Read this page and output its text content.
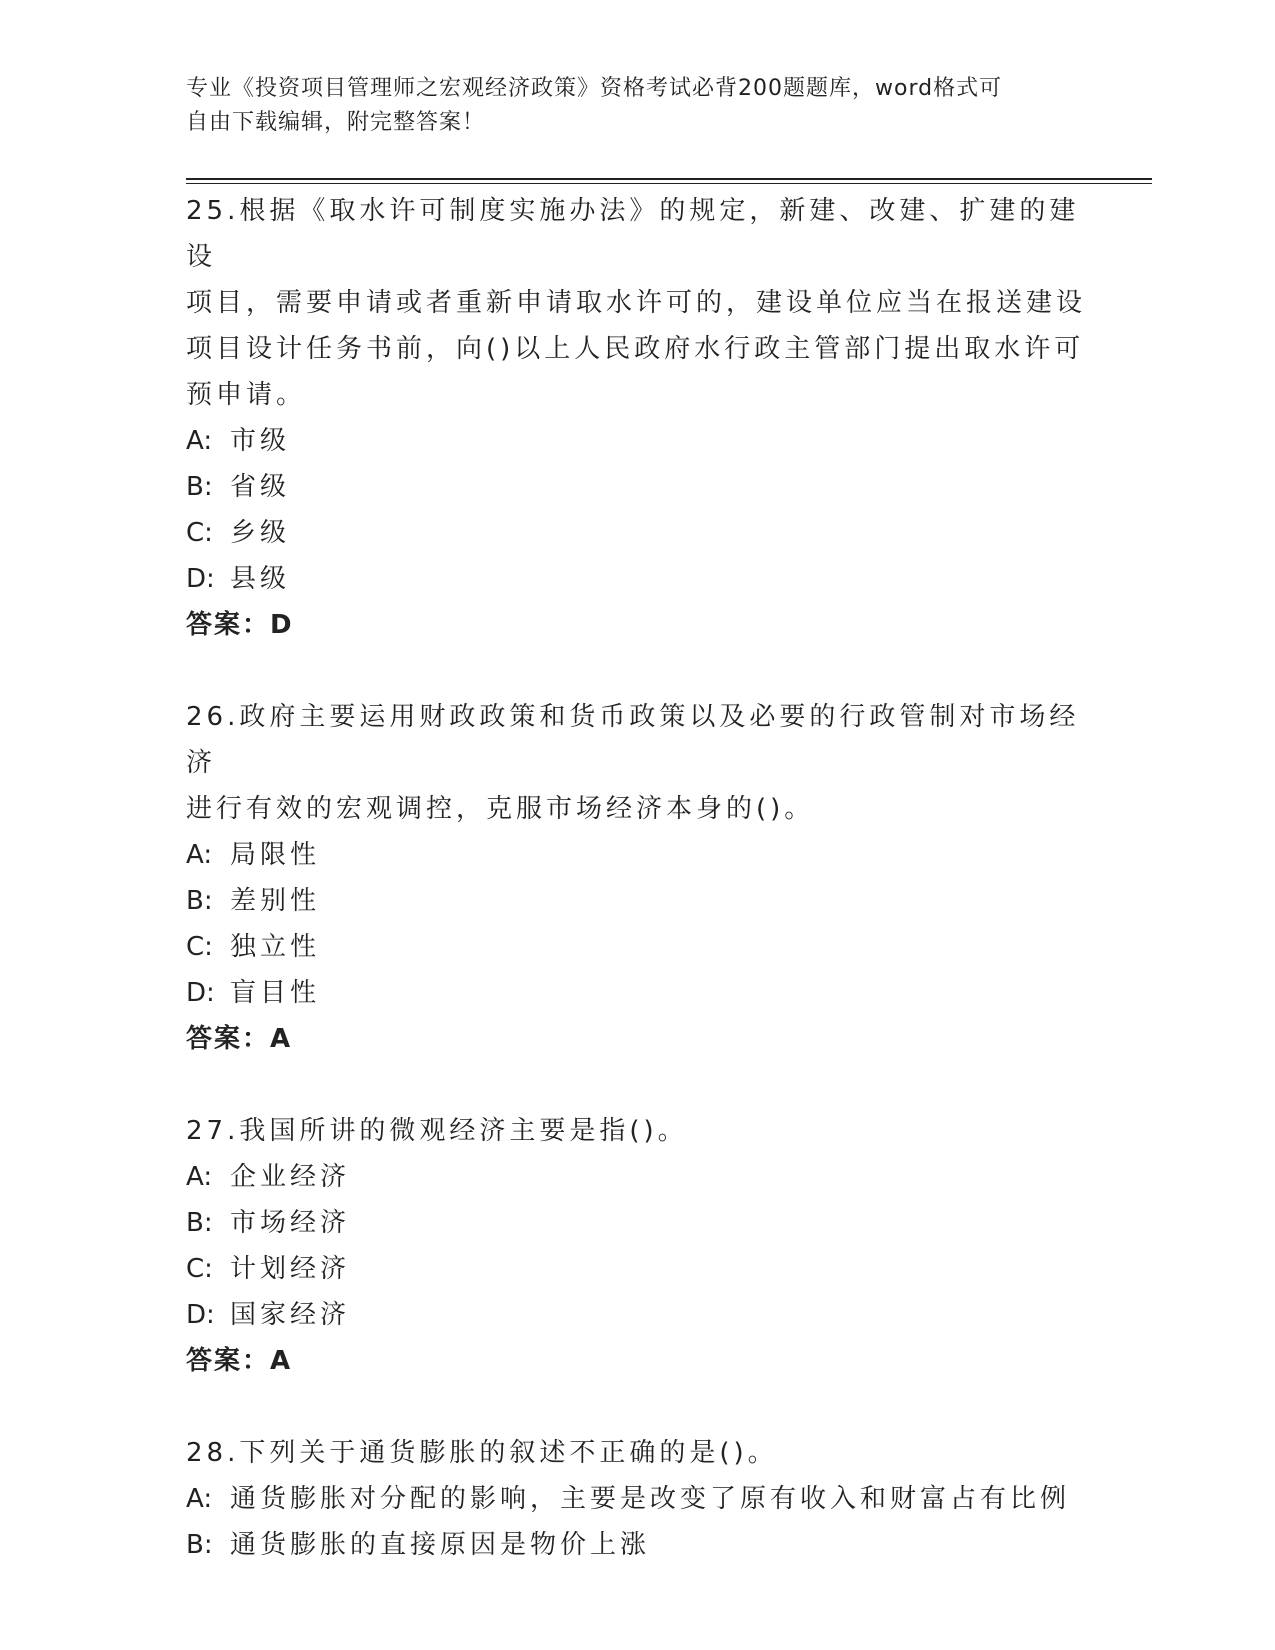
专业《投资项目管理师之宏观经济政策》资格考试必背200题题库，word格式可
自由下载编辑，附完整答案！

25.根据《取水许可制度实施办法》的规定，新建、改建、扩建的建设
项目，需要申请或者重新申请取水许可的，建设单位应当在报送建设
项目设计任务书前，向()以上人民政府水行政主管部门提出取水许可
预申请。

A: 市级

B: 省级

C: 乡级

D: 县级

答案：D

26.政府主要运用财政政策和货币政策以及必要的行政管制对市场经济
进行有效的宏观调控，克服市场经济本身的()。

A: 局限性

B: 差别性

C: 独立性

D: 盲目性

答案：A

27.我国所讲的微观经济主要是指()。

A: 企业经济

B: 市场经济

C: 计划经济

D: 国家经济

答案：A

28.下列关于通货膨胀的叙述不正确的是()。

A: 通货膨胀对分配的影响，主要是改变了原有收入和财富占有比例

B: 通货膨胀的直接原因是物价上涨
